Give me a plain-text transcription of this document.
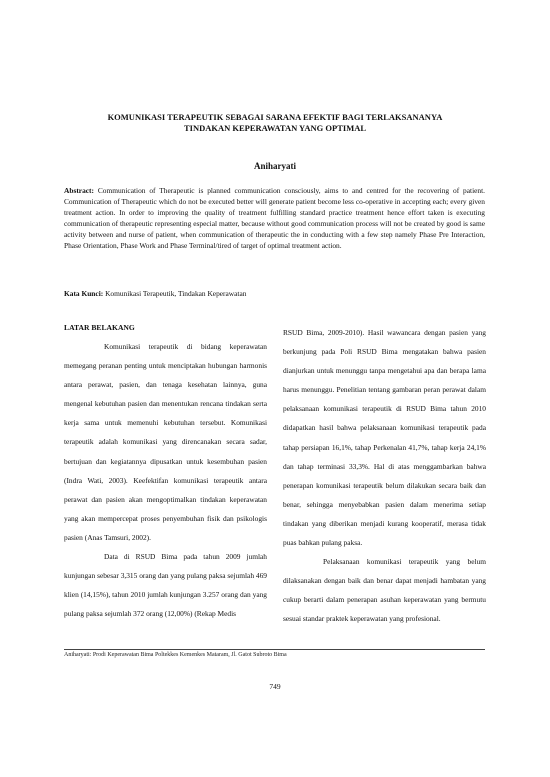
KOMUNIKASI TERAPEUTIK SEBAGAI SARANA EFEKTIF BAGI TERLAKSANANYA
TINDAKAN KEPERAWATAN YANG OPTIMAL
Aniharyati
Abstract: Communication of Therapeutic is planned communication consciously, aims to and centred for the recovering of patient. Communication of Therapeutic which do not be executed better will generate patient become less co-operative in accepting each; every given treatment action. In order to improving the quality of treatment fulfilling standard practice treatment hence effort taken is executing communication of therapeutic representing especial matter, because without good communication process will not be created by good is same activity between and nurse of patient, when communication of therapeutic the in conducting with a few step namely Phase Pre Interaction, Phase Orientation, Phase Work and Phase Terminal/tired of target of optimal treatment action.
Kata Kunci: Komunikasi Terapeutik, Tindakan Keperawatan
LATAR BELAKANG

Komunikasi terapeutik di bidang keperawatan memegang peranan penting untuk menciptakan hubungan harmonis antara perawat, pasien, dan tenaga kesehatan lainnya, guna mengenal kebutuhan pasien dan menentukan rencana tindakan serta kerja sama untuk memenuhi kebutuhan tersebut. Komunikasi terapeutik adalah komunikasi yang direncanakan secara sadar, bertujuan dan kegiatannya dipusatkan untuk kesembuhan pasien (Indra Wati, 2003). Keefektifan komunikasi terapeutik antara perawat dan pasien akan mengoptimalkan tindakan keperawatan yang akan mempercepat proses penyembuhan fisik dan psikologis pasien (Anas Tamsuri, 2002).

Data di RSUD Bima pada tahun 2009 jumlah kunjungan sebesar 3,315 orang dan yang pulang paksa sejumlah 469 klien (14,15%), tahun 2010 jumlah kunjungan 3.257 orang dan yang pulang paksa sejumlah 372 orang (12,00%) (Rekap Medis

RSUD Bima, 2009-2010). Hasil wawancara dengan pasien yang berkunjung pada Poli RSUD Bima mengatakan bahwa pasien dianjurkan untuk menunggu tanpa mengetahui apa dan berapa lama harus menunggu. Penelitian tentang gambaran peran perawat dalam pelaksanaan komunikasi terapeutik di RSUD Bima tahun 2010 didapatkan hasil bahwa pelaksanaan komunikasi terapeutik pada tahap persiapan 16,1%, tahap Perkenalan 41,7%, tahap kerja 24,1% dan tahap terminasi 33,3%. Hal di atas menggambarkan bahwa penerapan komunikasi terapeutik belum dilakukan secara baik dan benar, sehingga menyebabkan pasien dalam menerima setiap tindakan yang diberikan menjadi kurang kooperatif, merasa tidak puas bahkan pulang paksa.

Pelaksanaan komunikasi terapeutik yang belum dilaksanakan dengan baik dan benar dapat menjadi hambatan yang cukup berarti dalam penerapan asuhan keperawatan yang bermutu sesuai standar praktek keperawatan yang profesional.

Aniharyati: Prodi Keperawatan Bima Poltekkes Kemenkes Mataram, Jl. Gatot Subroto Bima
749
